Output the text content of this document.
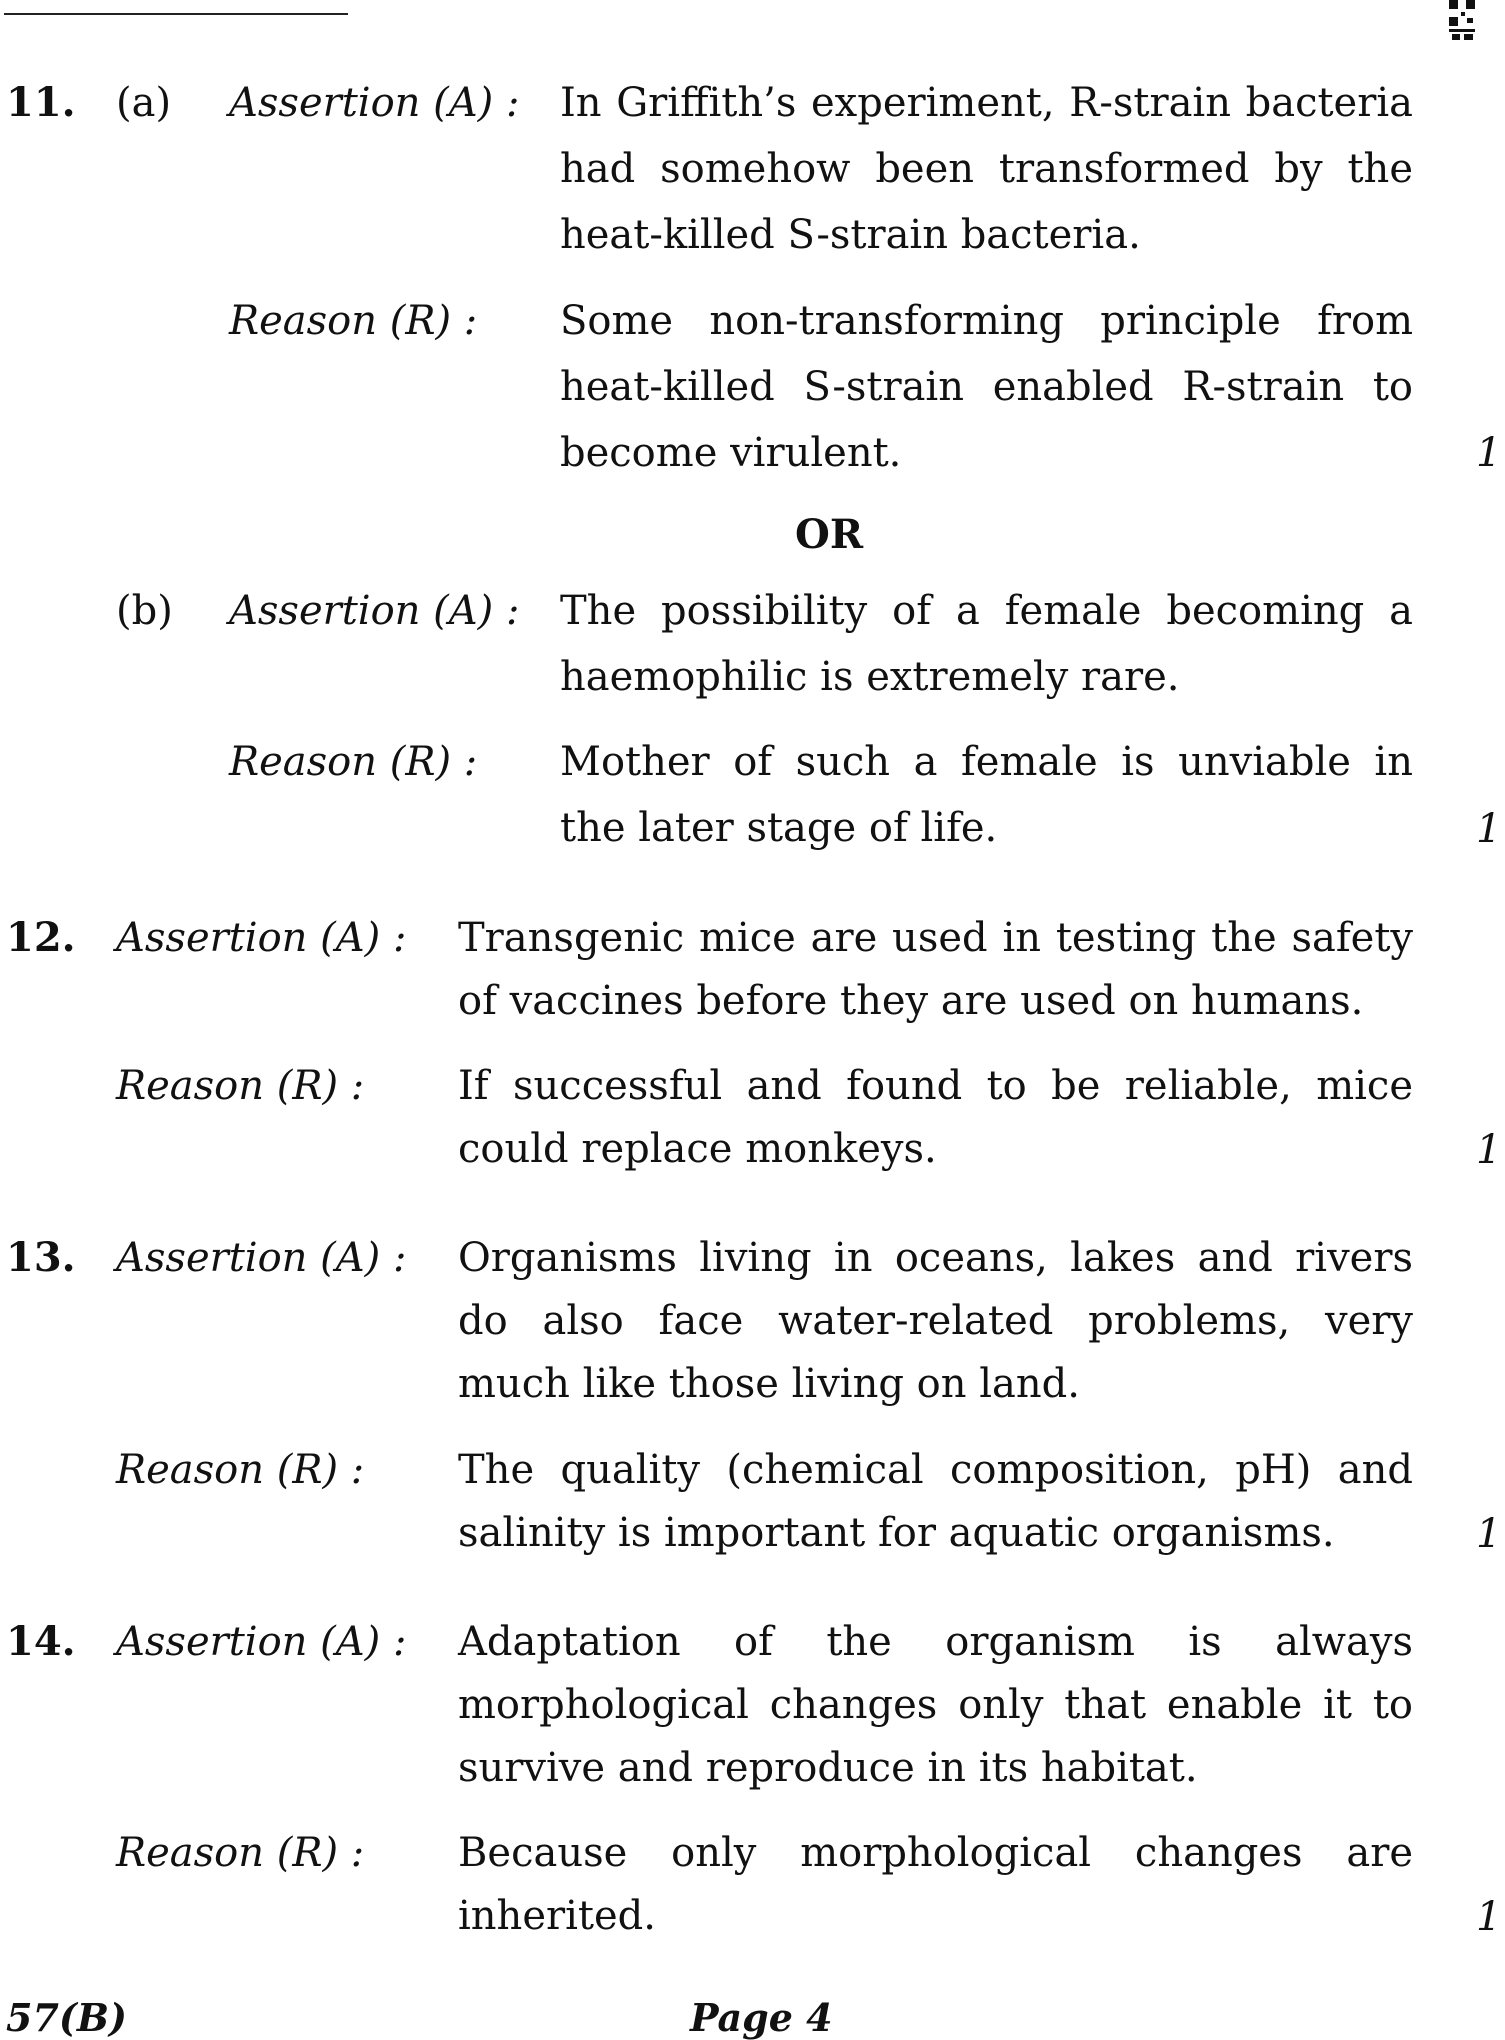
11. (a) Assertion (A) : In Griffith’s experiment, R-strain bacteria had somehow been transformed by the heat-killed S-strain bacteria.
Reason (R) : Some non-transforming principle from heat-killed S-strain enabled R-strain to become virulent.	1
OR
(b) Assertion (A) : The possibility of a female becoming a haemophilic is extremely rare.
Reason (R) : Mother of such a female is unviable in the later stage of life.	1
12. Assertion (A) : Transgenic mice are used in testing the safety of vaccines before they are used on humans.
Reason (R) : If successful and found to be reliable, mice could replace monkeys.	1
13. Assertion (A) : Organisms living in oceans, lakes and rivers do also face water-related problems, very much like those living on land.
Reason (R) : The quality (chemical composition, pH) and salinity is important for aquatic organisms.	1
14. Assertion (A) : Adaptation of the organism is always morphological changes only that enable it to survive and reproduce in its habitat.
Reason (R) : Because only morphological changes are inherited.	1
57(B)	Page 4
